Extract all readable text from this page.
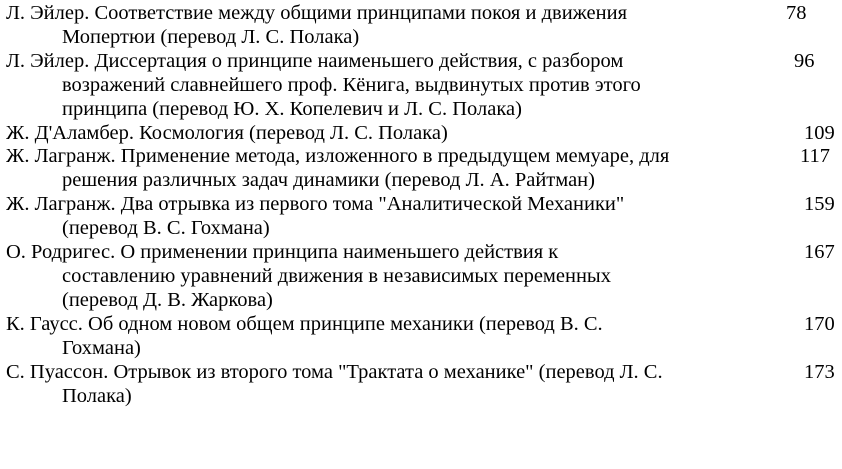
Л. Эйлер. Соответствие между общими принципами покоя и движения
Мопертюи (перевод Л. С. Полака)
78
Л. Эйлер. Диссертация о принципе наименьшего действия, с разбором
возражений славнейшего проф. Кёнига, выдвинутых против этого
принципа (перевод Ю. Х. Копелевич и Л. С. Полака)
96
Ж. Д'Аламбер. Космология (перевод Л. С. Полака)	109
Ж. Лагранж. Применение метода, изложенного в предыдущем мемуаре, для
решения различных задач динамики (перевод Л. А. Райтман)
117
Ж. Лагранж. Два отрывка из первого тома "Аналитической Механики"
(перевод В. С. Гохмана)
159
О. Родригес. О применении принципа наименьшего действия к
составлению уравнений движения в независимых переменных
(перевод Д. В. Жаркова)
167
К. Гаусс. Об одном новом общем принципе механики (перевод В. С.
Гохмана)
170
С. Пуассон. Отрывок из второго тома "Трактата о механике" (перевод Л. С.
Полака)
173
